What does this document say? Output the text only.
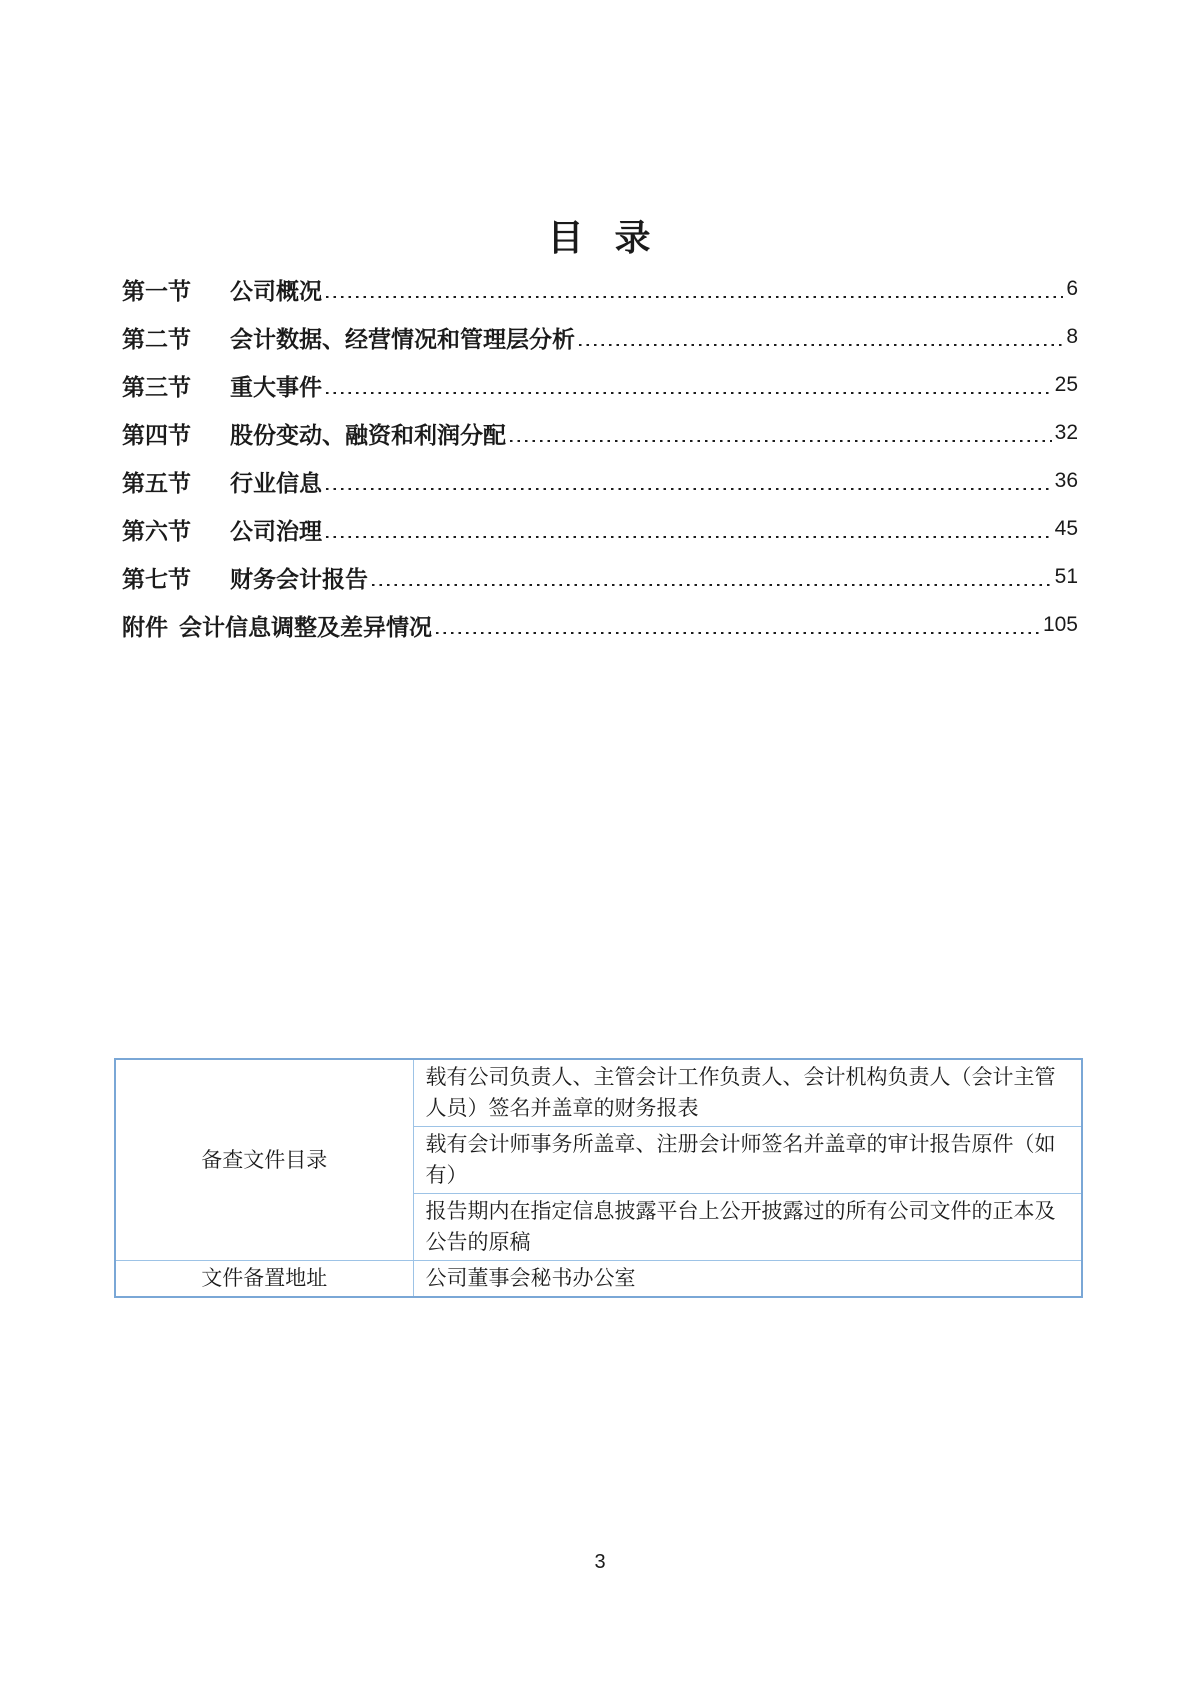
目 录
第一节	公司概况	6
第二节	会计数据、经营情况和管理层分析	8
第三节	重大事件	25
第四节	股份变动、融资和利润分配	32
第五节	行业信息	36
第六节	公司治理	45
第七节	财务会计报告	51
附件 会计信息调整及差异情况	105
备查文件目录	载有公司负责人、主管会计工作负责人、会计机构负责人（会计主管人员）签名并盖章的财务报表
	载有会计师事务所盖章、注册会计师签名并盖章的审计报告原件（如有）
	报告期内在指定信息披露平台上公开披露过的所有公司文件的正本及公告的原稿
文件备置地址	公司董事会秘书办公室
3
